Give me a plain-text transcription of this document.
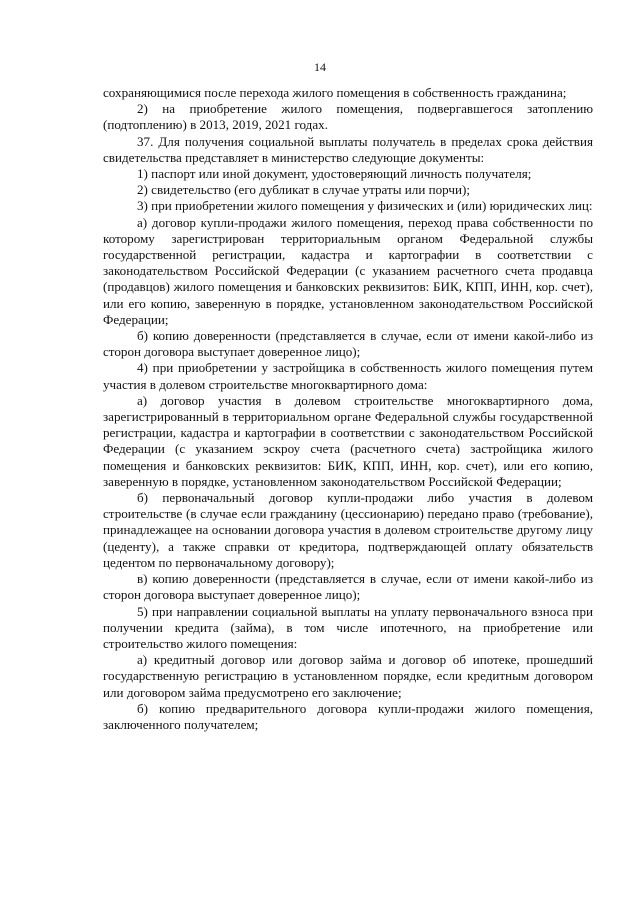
14

сохраняющимися после перехода жилого помещения в собственность гражданина;

2) на приобретение жилого помещения, подвергавшегося затоплению (подтоплению) в 2013, 2019, 2021 годах.

37. Для получения социальной выплаты получатель в пределах срока действия свидетельства представляет в министерство следующие документы:

1) паспорт или иной документ, удостоверяющий личность получателя;

2) свидетельство (его дубликат в случае утраты или порчи);

3) при приобретении жилого помещения у физических и (или) юридических лиц:

а) договор купли-продажи жилого помещения, переход права собственности по которому зарегистрирован территориальным органом Федеральной службы государственной регистрации, кадастра и картографии в соответствии с законодательством Российской Федерации (с указанием расчетного счета продавца (продавцов) жилого помещения и банковских реквизитов: БИК, КПП, ИНН, кор. счет), или его копию, заверенную в порядке, установленном законодательством Российской Федерации;

б) копию доверенности (представляется в случае, если от имени какой-либо из сторон договора выступает доверенное лицо);

4) при приобретении у застройщика в собственность жилого помещения путем участия в долевом строительстве многоквартирного дома:

а) договор участия в долевом строительстве многоквартирного дома, зарегистрированный в территориальном органе Федеральной службы государственной регистрации, кадастра и картографии в соответствии с законодательством Российской Федерации (с указанием эскроу счета (расчетного счета) застройщика жилого помещения и банковских реквизитов: БИК, КПП, ИНН, кор. счет), или его копию, заверенную в порядке, установленном законодательством Российской Федерации;

б) первоначальный договор купли-продажи либо участия в долевом строительстве (в случае если гражданину (цессионарию) передано право (требование), принадлежащее на основании договора участия в долевом строительстве другому лицу (цеденту), а также справки от кредитора, подтверждающей оплату обязательств цедентом по первоначальному договору);

в) копию доверенности (представляется в случае, если от имени какой-либо из сторон договора выступает доверенное лицо);

5) при направлении социальной выплаты на уплату первоначального взноса при получении кредита (займа), в том числе ипотечного, на приобретение или строительство жилого помещения:

а) кредитный договор или договор займа и договор об ипотеке, прошедший государственную регистрацию в установленном порядке, если кредитным договором или договором займа предусмотрено его заключение;

б) копию предварительного договора купли-продажи жилого помещения, заключенного получателем;
